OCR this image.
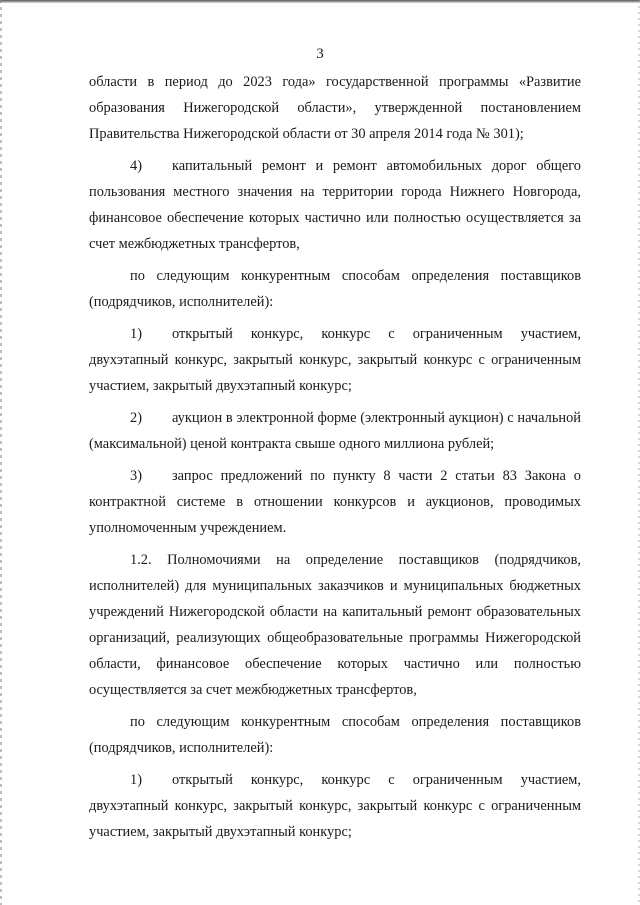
3

области в период до 2023 года» государственной программы «Развитие образования Нижегородской области», утвержденной постановлением Правительства Нижегородской области от 30 апреля 2014 года № 301);

4) капитальный ремонт и ремонт автомобильных дорог общего пользования местного значения на территории города Нижнего Новгорода, финансовое обеспечение которых частично или полностью осуществляется за счет межбюджетных трансфертов,

по следующим конкурентным способам определения поставщиков (подрядчиков, исполнителей):

1) открытый конкурс, конкурс с ограниченным участием, двухэтапный конкурс, закрытый конкурс, закрытый конкурс с ограниченным участием, закрытый двухэтапный конкурс;

2) аукцион в электронной форме (электронный аукцион) с начальной (максимальной) ценой контракта свыше одного миллиона рублей;

3) запрос предложений по пункту 8 части 2 статьи 83 Закона о контрактной системе в отношении конкурсов и аукционов, проводимых уполномоченным учреждением.

1.2. Полномочиями на определение поставщиков (подрядчиков, исполнителей) для муниципальных заказчиков и муниципальных бюджетных учреждений Нижегородской области на капитальный ремонт образовательных организаций, реализующих общеобразовательные программы Нижегородской области, финансовое обеспечение которых частично или полностью осуществляется за счет межбюджетных трансфертов,

по следующим конкурентным способам определения поставщиков (подрядчиков, исполнителей):

1) открытый конкурс, конкурс с ограниченным участием, двухэтапный конкурс, закрытый конкурс, закрытый конкурс с ограниченным участием, закрытый двухэтапный конкурс;
